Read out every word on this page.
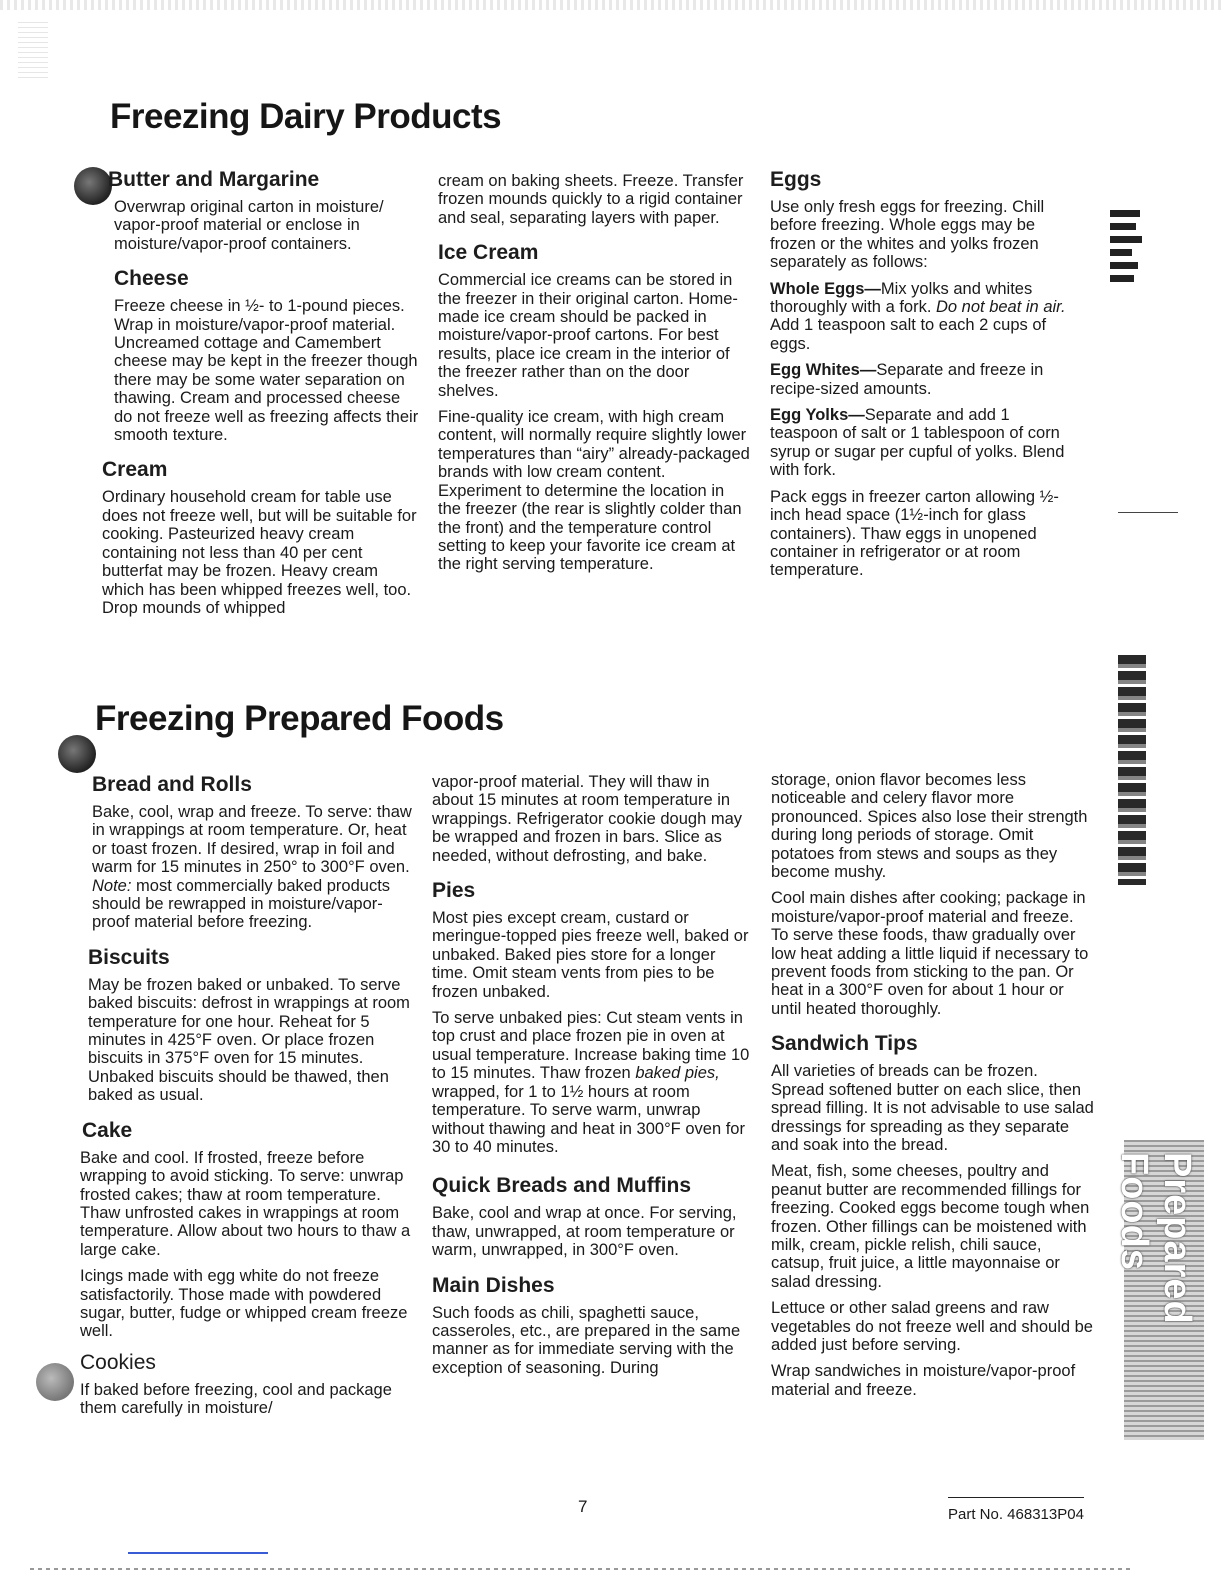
Freezing Dairy Products
Butter and Margarine

Overwrap original carton in moisture/ vapor-proof material or enclose in moisture/vapor-proof containers.

Cheese

Freeze cheese in ½- to 1-pound pieces. Wrap in moisture/vapor-proof material. Uncreamed cottage and Camembert cheese may be kept in the freezer though there may be some water separation on thawing. Cream and processed cheese do not freeze well as freezing affects their smooth texture.

Cream

Ordinary household cream for table use does not freeze well, but will be suitable for cooking. Pasteurized heavy cream containing not less than 40 per cent butterfat may be frozen. Heavy cream which has been whipped freezes well, too. Drop mounds of whipped

cream on baking sheets. Freeze. Transfer frozen mounds quickly to a rigid container and seal, separating layers with paper.

Ice Cream

Commercial ice creams can be stored in the freezer in their original carton. Home-made ice cream should be packed in moisture/vapor-proof cartons. For best results, place ice cream in the interior of the freezer rather than on the door shelves.

Fine-quality ice cream, with high cream content, will normally require slightly lower temperatures than “airy” already-packaged brands with low cream content. Experiment to determine the location in the freezer (the rear is slightly colder than the front) and the temperature control setting to keep your favorite ice cream at the right serving temperature.

Eggs

Use only fresh eggs for freezing. Chill before freezing. Whole eggs may be frozen or the whites and yolks frozen separately as follows:

Whole Eggs—Mix yolks and whites thoroughly with a fork. Do not beat in air. Add 1 teaspoon salt to each 2 cups of eggs.

Egg Whites—Separate and freeze in recipe-sized amounts.

Egg Yolks—Separate and add 1 teaspoon of salt or 1 tablespoon of corn syrup or sugar per cupful of yolks. Blend with fork.

Pack eggs in freezer carton allowing ½-inch head space (1½-inch for glass containers). Thaw eggs in unopened container in refrigerator or at room temperature.

Freezing Prepared Foods
Bread and Rolls

Bake, cool, wrap and freeze. To serve: thaw in wrappings at room temperature. Or, heat or toast frozen. If desired, wrap in foil and warm for 15 minutes in 250° to 300°F oven. Note: most commercially baked products should be rewrapped in moisture/vapor-proof material before freezing.

Biscuits

May be frozen baked or unbaked. To serve baked biscuits: defrost in wrappings at room temperature for one hour. Reheat for 5 minutes in 425°F oven. Or place frozen biscuits in 375°F oven for 15 minutes. Unbaked biscuits should be thawed, then baked as usual.

Cake

Bake and cool. If frosted, freeze before wrapping to avoid sticking. To serve: unwrap frosted cakes; thaw at room temperature. Thaw unfrosted cakes in wrappings at room temperature. Allow about two hours to thaw a large cake.

Icings made with egg white do not freeze satisfactorily. Those made with powdered sugar, butter, fudge or whipped cream freeze well.

Cookies

If baked before freezing, cool and package them carefully in moisture/

vapor-proof material. They will thaw in about 15 minutes at room temperature in wrappings. Refrigerator cookie dough may be wrapped and frozen in bars. Slice as needed, without defrosting, and bake.

Pies

Most pies except cream, custard or meringue-topped pies freeze well, baked or unbaked. Baked pies store for a longer time. Omit steam vents from pies to be frozen unbaked.

To serve unbaked pies: Cut steam vents in top crust and place frozen pie in oven at usual temperature. Increase baking time 10 to 15 minutes. Thaw frozen baked pies, wrapped, for 1 to 1½ hours at room temperature. To serve warm, unwrap without thawing and heat in 300°F oven for 30 to 40 minutes.

Quick Breads and Muffins

Bake, cool and wrap at once. For serving, thaw, unwrapped, at room temperature or warm, unwrapped, in 300°F oven.

Main Dishes

Such foods as chili, spaghetti sauce, casseroles, etc., are prepared in the same manner as for immediate serving with the exception of seasoning. During

storage, onion flavor becomes less noticeable and celery flavor more pronounced. Spices also lose their strength during long periods of storage. Omit potatoes from stews and soups as they become mushy.

Cool main dishes after cooking; package in moisture/vapor-proof material and freeze. To serve these foods, thaw gradually over low heat adding a little liquid if necessary to prevent foods from sticking to the pan. Or heat in a 300°F oven for about 1 hour or until heated thoroughly.

Sandwich Tips

All varieties of breads can be frozen. Spread softened butter on each slice, then spread filling. It is not advisable to use salad dressings for spreading as they separate and soak into the bread.

Meat, fish, some cheeses, poultry and peanut butter are recommended fillings for freezing. Cooked eggs become tough when frozen. Other fillings can be moistened with milk, cream, pickle relish, chili sauce, catsup, fruit juice, a little mayonnaise or salad dressing.

Lettuce or other salad greens and raw vegetables do not freeze well and should be added just before serving.

Wrap sandwiches in moisture/vapor-proof material and freeze.

Prepared Foods
7	Part No. 468313P04
